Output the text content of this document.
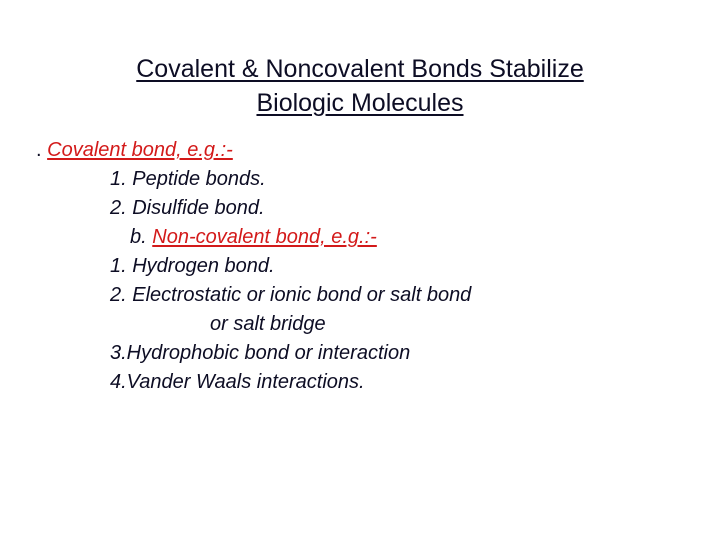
Covalent & Noncovalent Bonds Stabilize
Biologic Molecules

. Covalent bond, e.g.:-

1. Peptide bonds.

2. Disulfide bond.

b. Non-covalent bond, e.g.:-

1. Hydrogen bond.

2. Electrostatic or ionic bond or salt bond

or salt bridge

3.Hydrophobic bond or interaction

4.Vander Waals interactions.
